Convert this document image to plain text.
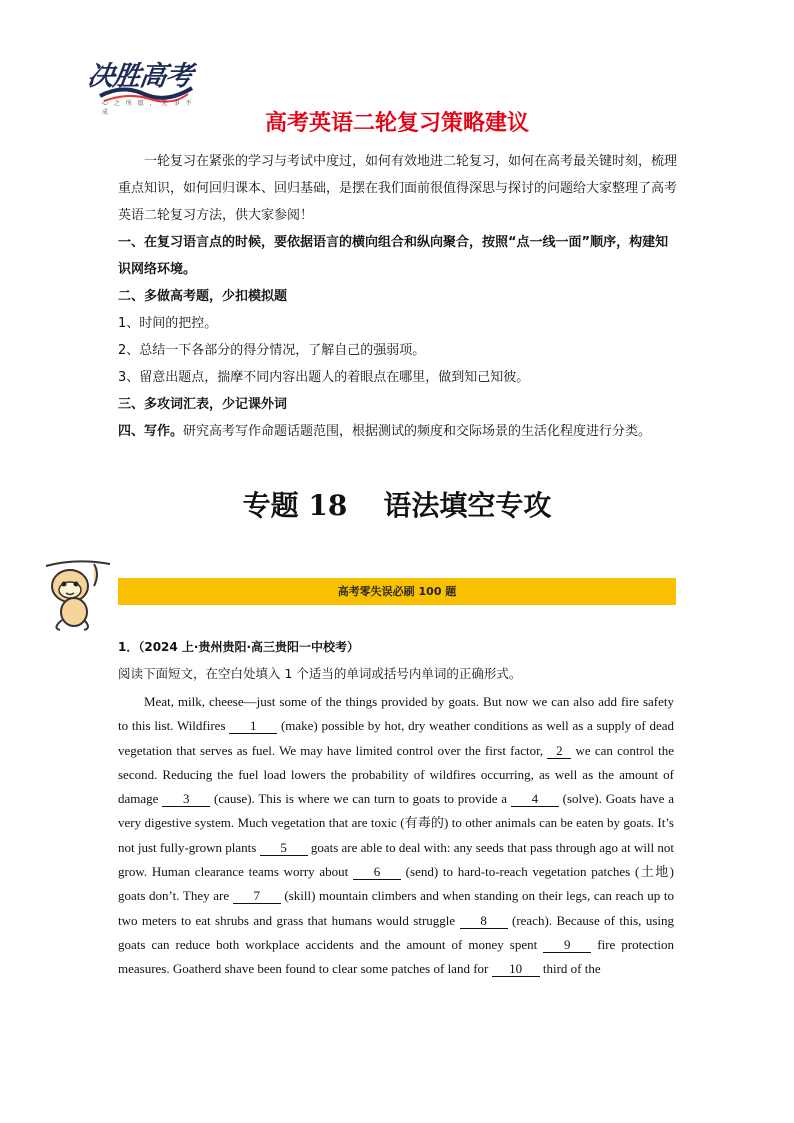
决胜高考
心 之 所 愿 ， 无 事 不 成	高考英语二轮复习策略建议

一轮复习在紧张的学习与考试中度过，如何有效地进二轮复习，如何在高考最关键时刻，梳理重点知识，如何回归课本、回归基础，是摆在我们面前很值得深思与探讨的问题给大家整理了高考英语二轮复习方法，供大家参阅！

一、在复习语言点的时候，要依据语言的横向组合和纵向聚合，按照“点一线一面”顺序，构建知识网络环境。

二、多做高考题，少扣模拟题

1、时间的把控。

2、总结一下各部分的得分情况，了解自己的强弱项。

3、留意出题点，揣摩不同内容出题人的着眼点在哪里，做到知己知彼。

三、多攻词汇表，少记课外词

四、写作。研究高考写作命题话题范围，根据测试的频度和交际场景的生活化程度进行分类。

专题 18 语法填空专攻
高考零失误必刷 100 题
1．（2024 上·贵州贵阳·高三贵阳一中校考）
阅读下面短文，在空白处填入 1 个适当的单词或括号内单词的正确形式。
Meat, milk, cheese—just some of the things provided by goats. But now we can also add fire safety to this list. Wildfires 1 (make) possible by hot, dry weather conditions as well as a supply of dead vegetation that serves as fuel. We may have limited control over the first factor, 2 we can control the second. Reducing the fuel load lowers the probability of wildfires occurring, as well as the amount of damage 3 (cause). This is where we can turn to goats to provide a 4 (solve). Goats have a very digestive system. Much vegetation that are toxic (有毒的) to other animals can be eaten by goats. It’s not just fully-grown plants 5 goats are able to deal with: any seeds that pass through ago at will not grow. Human clearance teams worry about 6 (send) to hard-to-reach vegetation patches (土地) goats don’t. They are 7 (skill) mountain climbers and when standing on their legs, can reach up to two meters to eat shrubs and grass that humans would struggle 8 (reach). Because of this, using goats can reduce both workplace accidents and the amount of money spent 9 fire protection measures. Goatherd shave been found to clear some patches of land for 10 third of the
